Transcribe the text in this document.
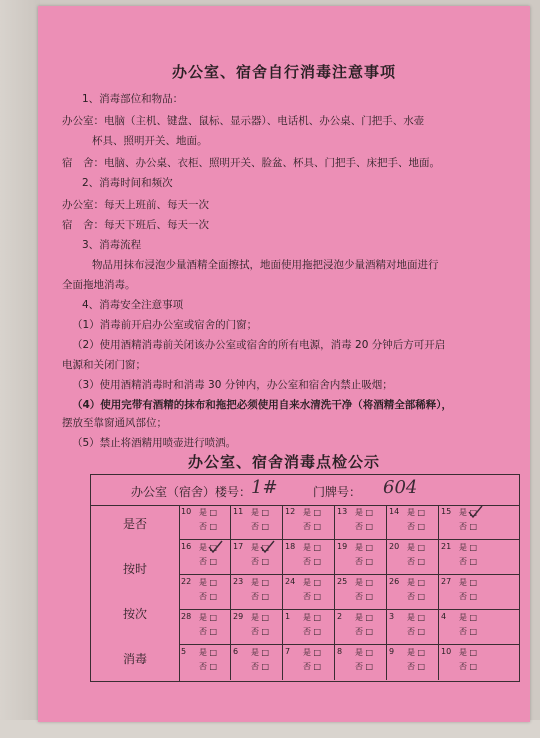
办公室、宿舍自行消毒注意事项
1、消毒部位和物品：
办公室：电脑（主机、键盘、鼠标、显示器）、电话机、办公桌、门把手、水壶
杯具、照明开关、地面。
宿　舍：电脑、办公桌、衣柜、照明开关、脸盆、杯具、门把手、床把手、地面。
2、消毒时间和频次
办公室：每天上班前、每天一次
宿　舍：每天下班后、每天一次
3、消毒流程
物品用抹布浸泡少量酒精全面擦拭，地面使用拖把浸泡少量酒精对地面进行
全面拖地消毒。
4、消毒安全注意事项
（1）消毒前开启办公室或宿舍的门窗；
（2）使用酒精消毒前关闭该办公室或宿舍的所有电源，消毒 20 分钟后方可开启
电源和关闭门窗；
（3）使用酒精消毒时和消毒 30 分钟内，办公室和宿舍内禁止吸烟；
（4）使用完带有酒精的抹布和拖把必须使用自来水清洗干净（将酒精全部稀释），
摆放至靠窗通风部位；
（5）禁止将酒精用喷壶进行喷洒。
办公室、宿舍消毒点检公示
办公室（宿舍）楼号： 1#	门牌号： 604
是否
按时
按次
消毒
10 是 □
否 □
11 是 □
否 □
12 是 □
否 □
13 是 □
否 □
14 是 □
否 □
15 是 □
否 □
16 是 □
否 □
17 是 □
否 □
18 是 □
否 □
19 是 □
否 □
20 是 □
否 □
21 是 □
否 □
22 是 □
否 □
23 是 □
否 □
24 是 □
否 □
25 是 □
否 □
26 是 □
否 □
27 是 □
否 □
28 是 □
否 □
29 是 □
否 □
1 是 □
否 □
2 是 □
否 □
3 是 □
否 □
4 是 □
否 □
5 是 □
否 □
6 是 □
否 □
7 是 □
否 □
8 是 □
否 □
9 是 □
否 □
10 是 □
否 □
